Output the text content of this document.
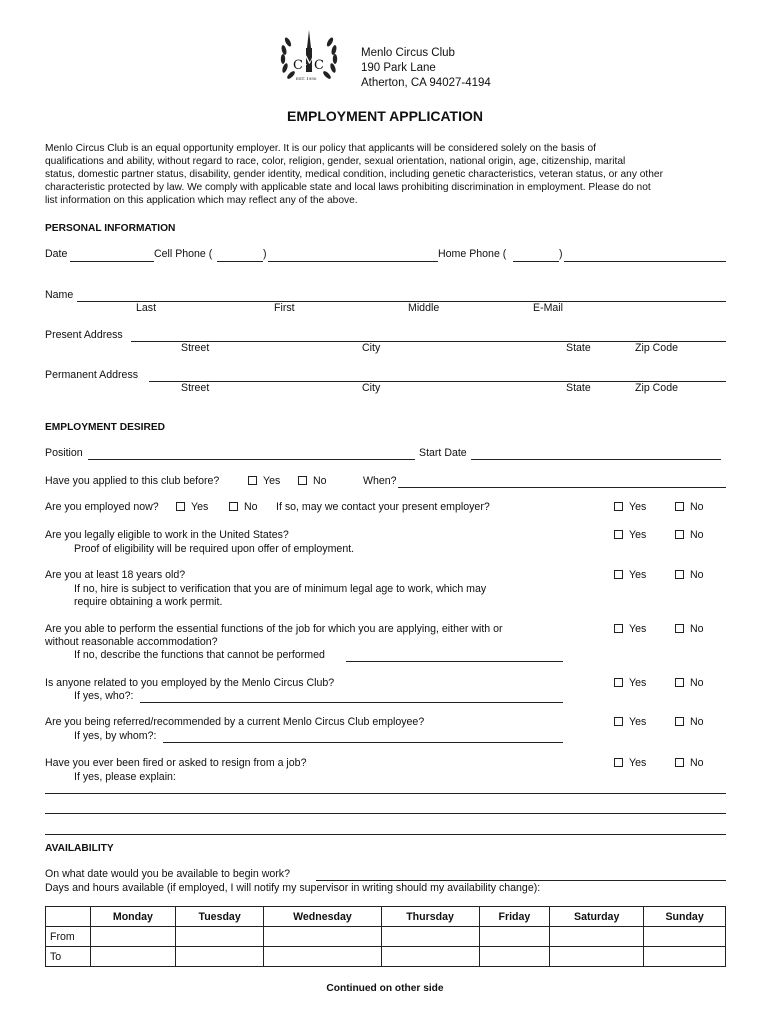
C M
C
EST. 1950
Menlo Circus Club
190 Park Lane
Atherton, CA 94027-4194
EMPLOYMENT APPLICATION
Menlo Circus Club is an equal opportunity employer. It is our policy that applicants will be considered solely on the basis of
qualifications and ability, without regard to race, color, religion, gender, sexual orientation, national origin, age, citizenship, marital
status, domestic partner status, disability, gender identity, medical condition, including genetic characteristics, veteran status, or any other
characteristic protected by law. We comply with applicable state and local laws prohibiting discrimination in employment. Please do not
list information on this application which may reflect any of the above.
PERSONAL INFORMATION
Date	Cell Phone (	)	Home Phone (	)
Name
Last	First	Middle	E-Mail
Present Address
Street	City	State	Zip Code
Permanent Address
Street	City	State	Zip Code
EMPLOYMENT DESIRED
Position	Start Date
Have you applied to this club before?	Yes	No	When?
Are you employed now?	Yes	No If so, may we contact your present employer?	Yes	No
Are you legally eligible to work in the United States?
Proof of eligibility will be required upon offer of employment.
Yes	No
Are you at least 18 years old?
If no, hire is subject to verification that you are of minimum legal age to work, which may
require obtaining a work permit.
Yes	No
Are you able to perform the essential functions of the job for which you are applying, either with or
without reasonable accommodation?
If no, describe the functions that cannot be performed
Yes	No
Is anyone related to you employed by the Menlo Circus Club?
If yes, who?:
Yes	No
Are you being referred/recommended by a current Menlo Circus Club employee?
If yes, by whom?:
Yes	No
Have you ever been fired or asked to resign from a job?
If yes, please explain:
Yes	No
AVAILABILITY
On what date would you be available to begin work?
Days and hours available (if employed, I will notify my supervisor in writing should my availability change):
	Monday	Tuesday	Wednesday	Thursday	Friday	Saturday	Sunday
From							
To							
Continued on other side
